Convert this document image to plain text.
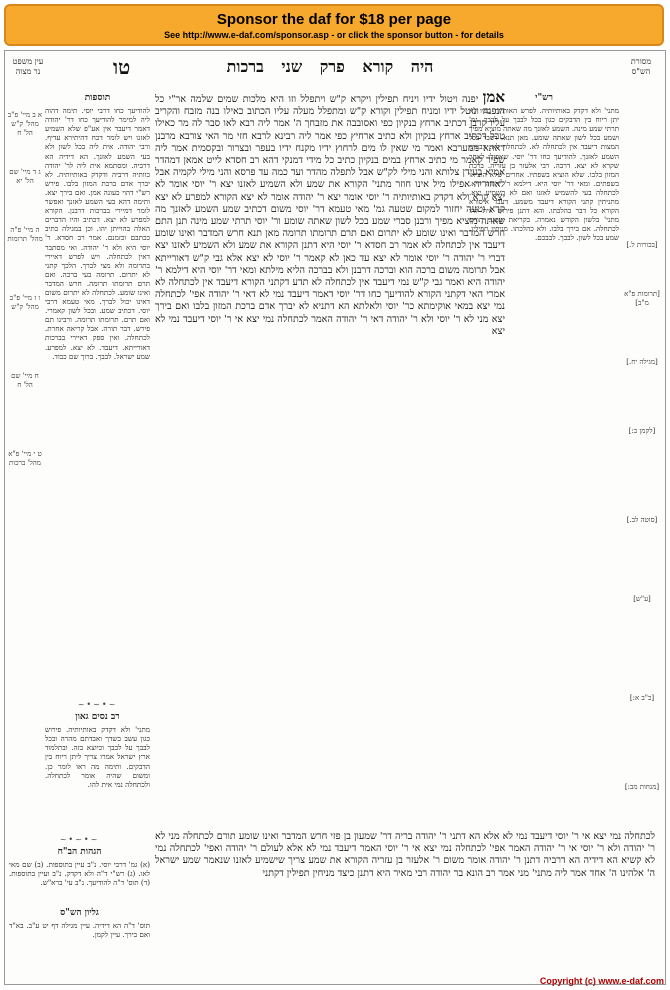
Sponsor the daf for $18 per page
See http://www.e-daf.com/sponsor.asp - or click the sponsor button - for details
טו	היה קורא פרק שני ברכות	מסורת הש"ס
עין משפט נר מצוה
אמן יפנה ויטול ידיו ויניח תפילין ויקרא ק"ש ויתפלל וזו היא מלכות שמים שלמה אר"י כל הנפנה ונוטל ידיו ומניח תפילין וקורא ק"ש ומתפלל מעלה עליו הכתוב כאילו בנה מזבח והקריב עליו קרבן דכתיב ארחץ בנקיון כפי ואסובבה את מזבחך ה' אמר ליה רבא לאו סבר לה מר כאילו טבל דכתיב ארחץ בנקיון ולא כתיב ארחיץ כפי אמר ליה רבינא לרבא חזי מר האי צורבא מרבנן דאתא ממערבא ואמר מי שאין לו מים לרחוץ ידיו מקנח ידיו בעפר ובצרור ובקסמית אמר ליה שפיר קאמר מי כתיב ארחץ במים בנקיון כתיב כל מידי דמנקי דהא רב חסדא לייט אמאן דמהדר אמיא בעידן צלותא והני מילי לק"ש אבל לתפלה מהדר ועד כמה עד פרסא והני מילי לקמיה אבל לאחוריה אפילו מיל אינו חוזר מתני' הקורא את שמע ולא השמיע לאזנו יצא ר' יוסי אומר לא יצא קרא ולא דקדק באותיותיה ר' יוסי אומר יצא ר' יהודה אומר לא יצא הקורא למפרע לא יצא קרא וטעה יחזור למקום שטעה גמ' מאי טעמא דר' יוסי משום דכתיב שמע השמע לאזנך מה שאתה מוציא מפיך ורבנן סברי שמע בכל לשון שאתה שומע ור' יוסי תרתי שמע מינה תנן התם חרש המדבר ואינו שומע לא יתרום ואם תרם תרומתו תרומה מאן תנא חרש המדבר ואינו שומע דיעבד אין לכתחלה לא אמר רב חסדא ר' יוסי היא דתנן הקורא את שמע ולא השמיע לאזנו יצא דברי ר' יהודה ר' יוסי אומר לא יצא עד כאן לא קאמר ר' יוסי לא יצא אלא גבי ק"ש דאורייתא אבל תרומה משום ברכה הוא וברכה דרבנן ולא בברכה הליא מילתא ומאי דר' יוסי היא דילמא ר' יהודה היא ואמר גבי ק"ש נמי דיעבד אין לכתחלה לא תדע דקתני הקורא דיעבד אין לכתחלה לא אמרי האי דקתני הקורא להודיעך כחו דר' יוסי דאמר דיעבד נמי לא דאי ר' יהודה אפי' לכתחלה נמי יצא במאי אוקימתא כר' יוסי ולאלתא הא דתניא לא יברך אדם ברכת המזון בלבו ואם בירך יצא מני לא ר' יוסי ולא ר' יהודה דאי ר' יהודה האמר לכתחלה נמי יצא אי ר' יוסי דיעבד נמי לא יצא
לכתחלה נמי יצא אי ר' יוסי דיעבד נמי לא אלא הא דתני ר' יהודה בריה דר' שמעון בן פזי חרש המדבר ואינו שומע תורם לכתחלה מני לא ר' יהודה ולא ר' יוסי אי ר' יהודה האמר אפי' לכתחלה נמי יצא אי ר' יוסי האמר דיעבד נמי לא אלא לעולם ר' יהודה ואפי' לכתחלה נמי לא קשיא הא דידיה הא דרביה דתנן ר' יהודה אומר משום ר' אלעזר בן עזריה הקורא את שמע צריך שישמיע לאזנו שנאמר שמע ישראל ה' אלהינו ה' אחד אמר ליה מתני' מני אמר רב הונא בר יהודה רבי מאיר היא דתנן כיצד מניחין תפילין דקתני
רש"י

מתני' ולא דקדק באותיותיה. לפרש האותיות בפיו לא יתן ריוח בין הדבקים כגון בכל לבבך על לבבך. גמ' תרתי שמע מינה. השמע לאזנך מה שאתה מוציא מפיך ושמע בכל לשון שאתה שומע. מאן תנא. דסבר בכל המצות דיעבד אין לכתחלה לא. לכתחלה לא. דבעינן השמע לאזנך. להודיעך כחו דר' יוסי. שאפילו לאחר שקרא לא יצא. דרבה. רבי אלעזר בן עזריה. ברכת המזון בלבו. שלא הוציא בשפתיו. אחרים שלא הוציאו בשפתים. ומאי דר' יוסי היא. דילמא ר' יהודה היא. לכתחלה בעי להשמיע לאזנו ואם לא השמיע יצא. מתניתין קתני הקורא דיעבד משמע. דעבד איסורא הקורא כל דבר כהלכתו. והא דתנן פירוש אית להו מתני' בלשון הקודש נאמרה. בקריאת שמע. תורם לכתחלה. אם בירך בלבו. ולא כהלכתו. מניחין תפילין. שמע בכל לשון. לבבך. לבבכם.

תוספות

להודיעך כחו דרבי יוסי. תימה דהוה ליה למימר להודיעך כחו דר' יהודה דאמר דיעבד אין אע"פ שלא השמיע לאזנו ויש לומר דכח דהיתירא עדיף. ורבי יהודה. אית ליה בכל לשון ולא בעי השמע לאזנך. הא דידיה הא דרביה. ומסתמא אית ליה לר' יהודה כוותיה דרביה ודקדק באותיותיה. לא יברך אדם ברכת המזון בלבו. פירש רש"י דהוי כעונה אמן. ואם בירך יצא. ותימה דהא בעי השמע לאזנך ואפשר לומר דמיירי בברכות דרבנן. הקורא למפרע לא יצא. דכתיב והיו הדברים האלה בהוייתן יהו. וכן במגילה כתיב ככתבם וכזמנם. אמר רב חסדא. ר' יוסי היא ולא ר' יהודה. ואי מסתבר דאין לכתחלה. ויש לפרש דאיירי בתרומה ולא מצי לברך. הלכך קתני לא יתרום. תרומה בעי ברכה. ואם תרם תרומתו תרומה. חרש המדבר ואינו שומע. לכתחלה לא יתרום משום דאינו יכול לברך. מאי טעמא דרבי יוסי. דכתיב שמע. ובכל לשון קאמרי. ואם תרם. תרומתו תרומה. ורבינו תם פירש. דבר תורה. אבל קריאה אחרת. לכתחלה. ואין ספק דאיירי בברכות דאורייתא. דיעבד. לא יצא. למפרע. שמע ישראל. לבבך. ברוך שם כבוד.

[בכורות ל.]
[תרומות פ"א מ"ב]
[מגילה יח.]
[לקמן כ:]
[סוטה לב.]
[ע"ש]
[כ"ב א:]
[מנחות מב:]
א ב מיי' פ"ב מהל' ק"ש הל' ח
ג ד מיי' שם הל' יא
ה מיי' פ"ה מהל' תרומות
ו ז מיי' פ"ב מהל' ק"ש
ח מיי' שם הל' ח
ט י מיי' פ"א מהל' ברכות
~•~•~
רב נסים גאון

מתני' ולא דקדק באותיותיה. פירוש כגון עשב בשדך ואבדתם מהרה ובכל לבבך על לבבך וכיוצא בזה. ובתלמוד ארץ ישראל אמרו צריך ליתן ריוח בין הדבקים. ותימה מה ראו לומר כן. ומשום שהיה אומר לכתחלה. ולכתחלה נמי אית להו.

~•~•~
הגהות הב"ח

(א) גמ' דרבי יוסי. נ"ב עיין בתוספות. (ב) שם מאי לאו. (ג) רש"י ד"ה ולא דקדק. נ"ב ועיין בתוספות. (ד) תוס' ד"ה להודיעך. נ"ב עי' ברא"ש.

גליון הש"ס

תוס' ד"ה הא דידיה. עיין מגילה דף יט ע"ב. בא"ד ואם בירך. עיין לקמן.

Copyright (c) www.e-daf.com
